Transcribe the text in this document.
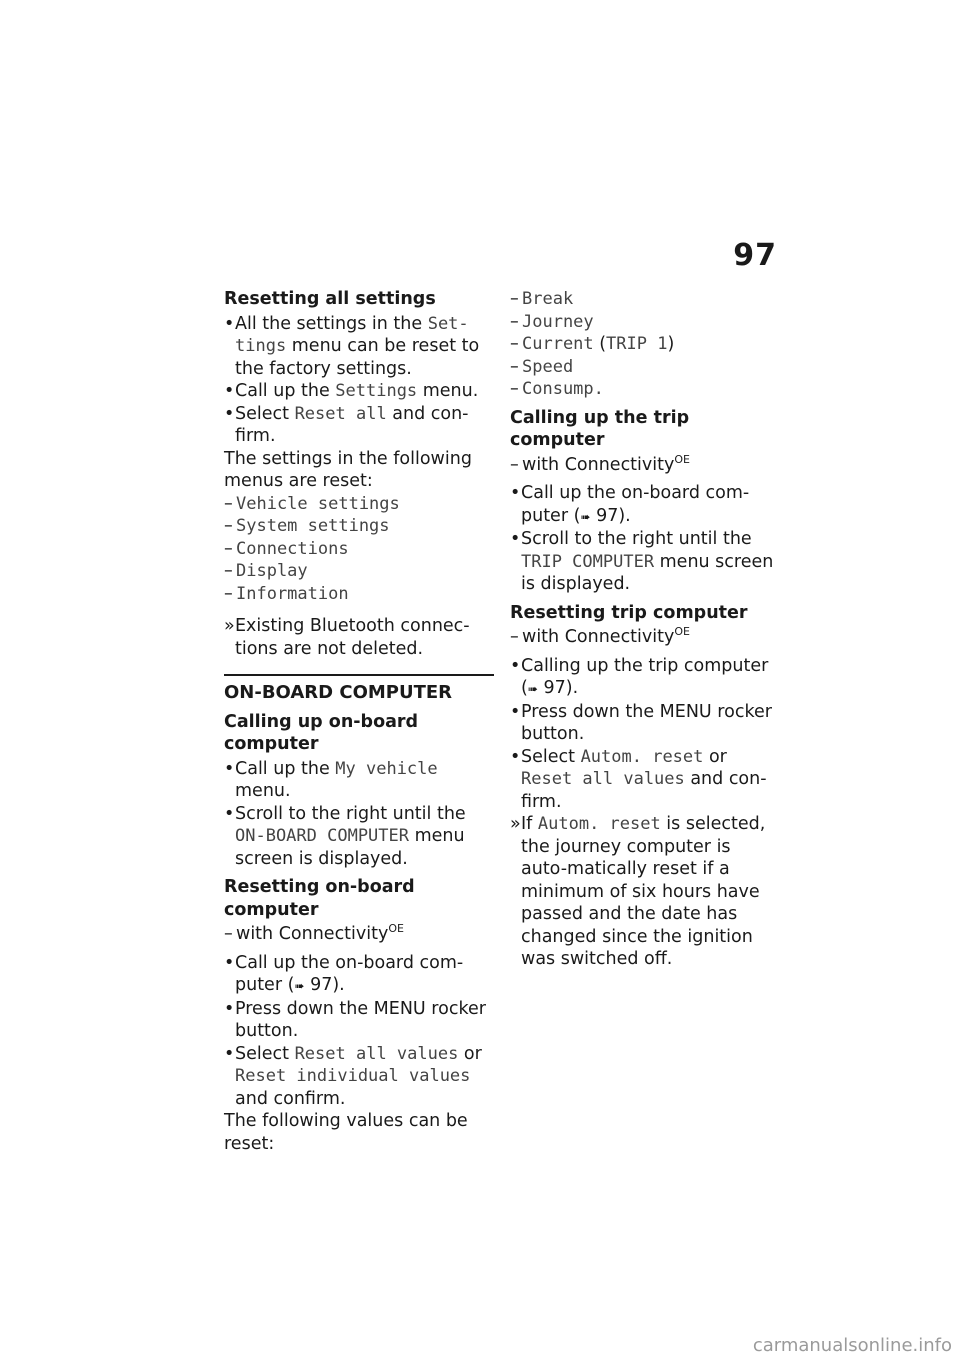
97
Resetting all settings
• All the settings in the Set- tings menu can be reset to the factory settings.
• Call up the Settings menu.
• Select Reset all and con-firm.
The settings in the following menus are reset:
– Vehicle settings
– System settings
– Connections
– Display
– Information
» Existing Bluetooth connec-tions are not deleted.
ON-BOARD COMPUTER
Calling up on-board computer
• Call up the My vehicle menu.
• Scroll to the right until the ON-BOARD COMPUTER menu screen is displayed.
Resetting on-board computer
– with Connectivity$^{OE}$
• Call up the on-board com-puter (➠ 97).
• Press down the MENU rocker button.
• Select Reset all values or Reset individual values and confirm.
The following values can be reset:
– Break
– Journey
– Current (TRIP 1)
– Speed
– Consump.
Calling up the trip computer
– with Connectivity$^{OE}$
• Call up the on-board com-puter (➠ 97).
• Scroll to the right until the TRIP COMPUTER menu screen is displayed.
Resetting trip computer
– with Connectivity$^{OE}$
• Calling up the trip computer (➠ 97).
• Press down the MENU rocker button.
• Select Autom. reset or Reset all values and con-firm.
» If Autom. reset is selected, the journey computer is auto-matically reset if a minimum of six hours have passed and the date has changed since the ignition was switched off.
carmanualsonline.info
